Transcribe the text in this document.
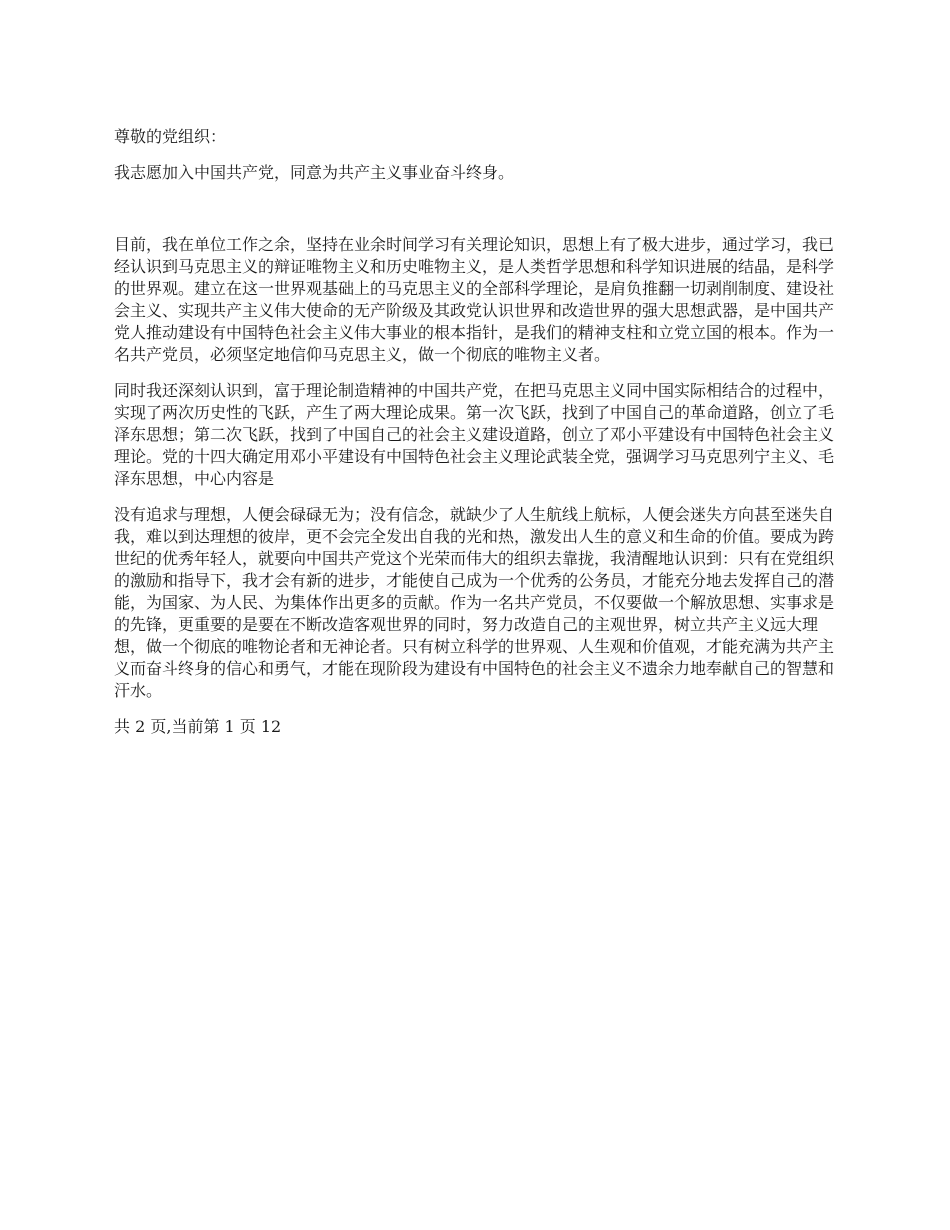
尊敬的党组织：

我志愿加入中国共产党，同意为共产主义事业奋斗终身。

目前，我在单位工作之余，坚持在业余时间学习有关理论知识，思想上有了极大进步，通过学习，我已经认识到马克思主义的辩证唯物主义和历史唯物主义，是人类哲学思想和科学知识进展的结晶，是科学的世界观。建立在这一世界观基础上的马克思主义的全部科学理论，是肩负推翻一切剥削制度、建设社会主义、实现共产主义伟大使命的无产阶级及其政党认识世界和改造世界的强大思想武器，是中国共产党人推动建设有中国特色社会主义伟大事业的根本指针，是我们的精神支柱和立党立国的根本。作为一名共产党员，必须坚定地信仰马克思主义，做一个彻底的唯物主义者。

同时我还深刻认识到，富于理论制造精神的中国共产党，在把马克思主义同中国实际相结合的过程中，实现了两次历史性的飞跃，产生了两大理论成果。第一次飞跃，找到了中国自己的革命道路，创立了毛泽东思想；第二次飞跃，找到了中国自己的社会主义建设道路，创立了邓小平建设有中国特色社会主义理论。党的十四大确定用邓小平建设有中国特色社会主义理论武装全党，强调学习马克思列宁主义、毛泽东思想，中心内容是

没有追求与理想，人便会碌碌无为；没有信念，就缺少了人生航线上航标，人便会迷失方向甚至迷失自我，难以到达理想的彼岸，更不会完全发出自我的光和热，激发出人生的意义和生命的价值。要成为跨世纪的优秀年轻人，就要向中国共产党这个光荣而伟大的组织去靠拢，我清醒地认识到：只有在党组织的激励和指导下，我才会有新的进步，才能使自己成为一个优秀的公务员，才能充分地去发挥自己的潜能，为国家、为人民、为集体作出更多的贡献。作为一名共产党员，不仅要做一个解放思想、实事求是的先锋，更重要的是要在不断改造客观世界的同时，努力改造自己的主观世界，树立共产主义远大理想，做一个彻底的唯物论者和无神论者。只有树立科学的世界观、人生观和价值观，才能充满为共产主义而奋斗终身的信心和勇气，才能在现阶段为建设有中国特色的社会主义不遗余力地奉献自己的智慧和汗水。

共 2 页,当前第 1 页 12
